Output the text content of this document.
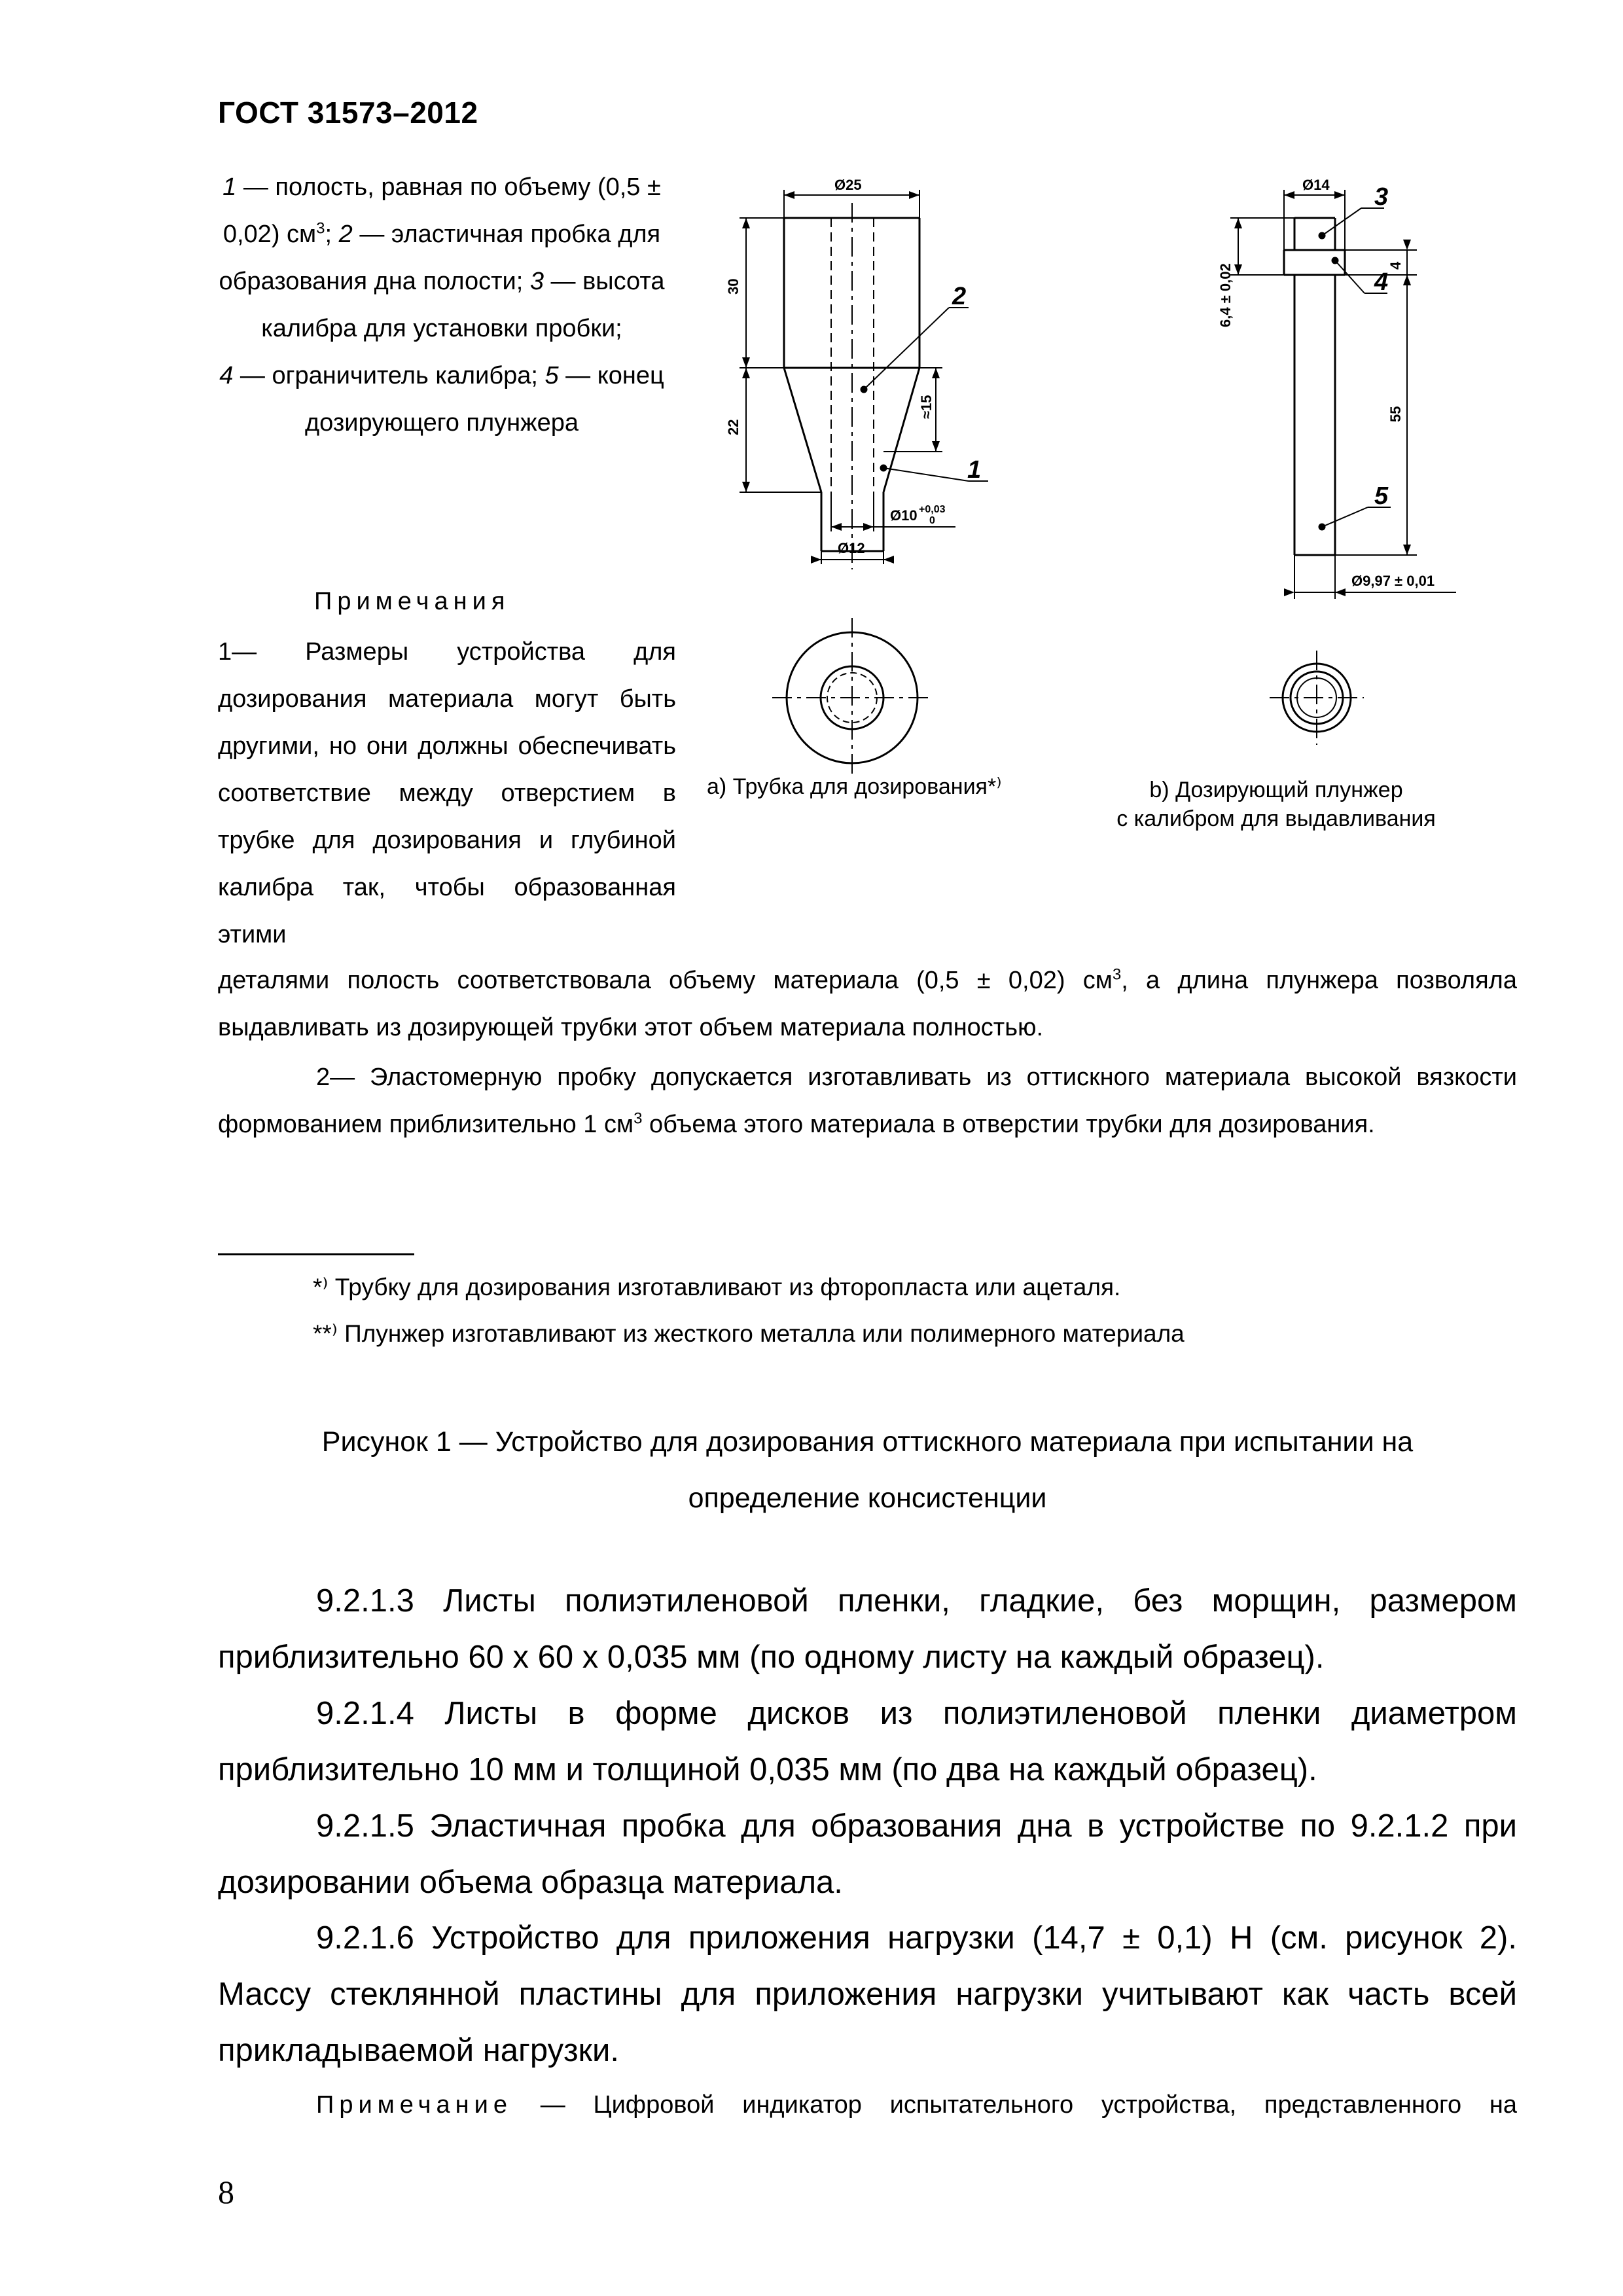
ГОСТ 31573–2012
1 — полость, равная по объему (0,5 ± 0,02) $см^3$; 2 — эластичная пробка для образования дна полости; 3 — высота калибра для установки пробки;
4 — ограничитель калибра; 5 — конец дозирующего плунжера
Ø25
30
22
≈15
Ø10 +0,03
0
Ø12
Ø14
6,4 ± 0,02	4
55
Ø9,97 ± 0,01
2
1
3
4
5
a) Трубка для дозирования*⁾	b) Дозирующий плунжер
с калибром для выдавливания
Примечания
1— Размеры устройства для дозирования материала могут быть другими, но они должны обеспечивать соответствие между отверстием в трубке для дозирования и глубиной калибра так, чтобы образованная этими
деталями полость соответствовала объему материала (0,5 ± 0,02) $см^3$, а длина плунжера позволяла выдавливать из дозирующей трубки этот объем материала полностью.
2— Эластомерную пробку допускается изготавливать из оттискного материала высокой вязкости формованием приблизительно 1 $см^3$ объема этого материала в отверстии трубки для дозирования.
*⁾ Трубку для дозирования изготавливают из фторопласта или ацеталя.
**⁾ Плунжер изготавливают из жесткого металла или полимерного материала
Рисунок 1 — Устройство для дозирования оттискного материала при испытании на
определение консистенции
9.2.1.3 Листы полиэтиленовой пленки, гладкие, без морщин, размером приблизительно 60 х 60 х 0,035 мм (по одному листу на каждый образец).
9.2.1.4 Листы в форме дисков из полиэтиленовой пленки диаметром приблизительно 10 мм и толщиной 0,035 мм (по два на каждый образец).
9.2.1.5 Эластичная пробка для образования дна в устройстве по 9.2.1.2 при дозировании объема образца материала.
9.2.1.6 Устройство для приложения нагрузки (14,7 ± 0,1) Н (см. рисунок 2). Массу стеклянной пластины для приложения нагрузки учитывают как часть всей прикладываемой нагрузки.
Примечание — Цифровой индикатор испытательного устройства, представленного на
8
